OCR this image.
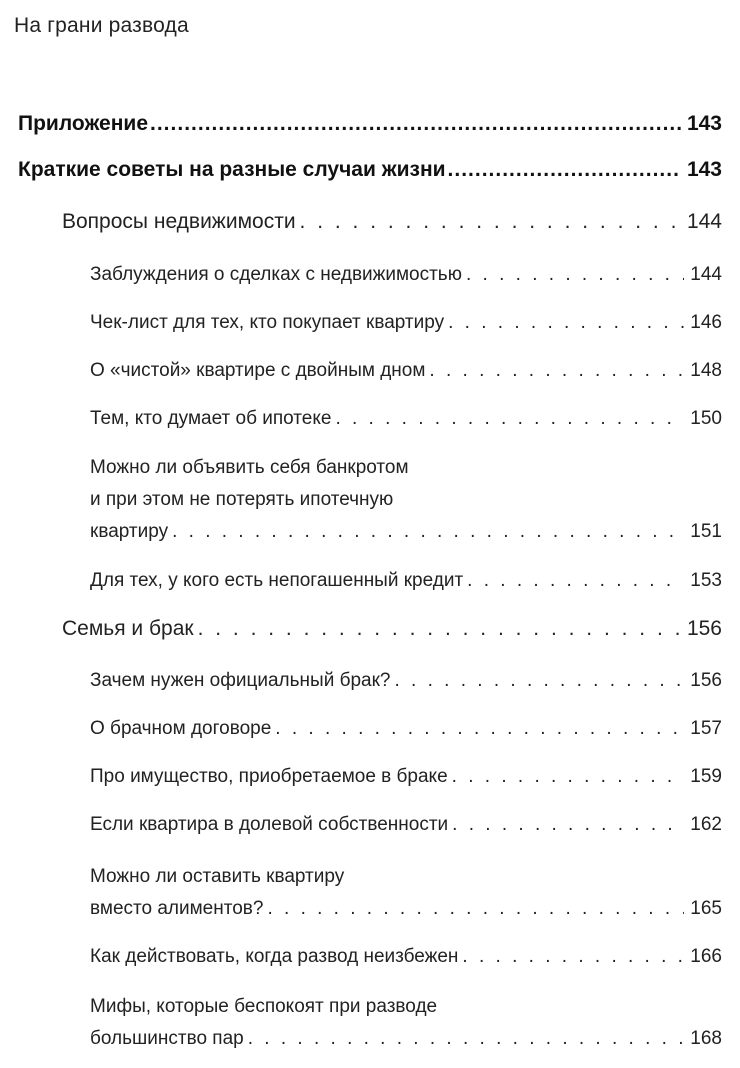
На грани развода
Приложение .....	143
Краткие советы на разные случаи жизни .....	143
Вопросы недвижимости . . .	144
Заблуждения о сделках с недвижимостью . . .	144
Чек-лист для тех, кто покупает квартиру . . .	146
О «чистой» квартире с двойным дном . . .	148
Тем, кто думает об ипотеке . . .	150
Можно ли объявить себя банкротом
и при этом не потерять ипотечную
квартиру . . .	151
Для тех, у кого есть непогашенный кредит . . .	153
Семья и брак . . .	156
Зачем нужен официальный брак? . . .	156
О брачном договоре . . .	157
Про имущество, приобретаемое в браке . . .	159
Если квартира в долевой собственности . . .	162
Можно ли оставить квартиру
вместо алиментов? . . .	165
Как действовать, когда развод неизбежен . . .	166
Мифы, которые беспокоят при разводе
большинство пар . . .	168
